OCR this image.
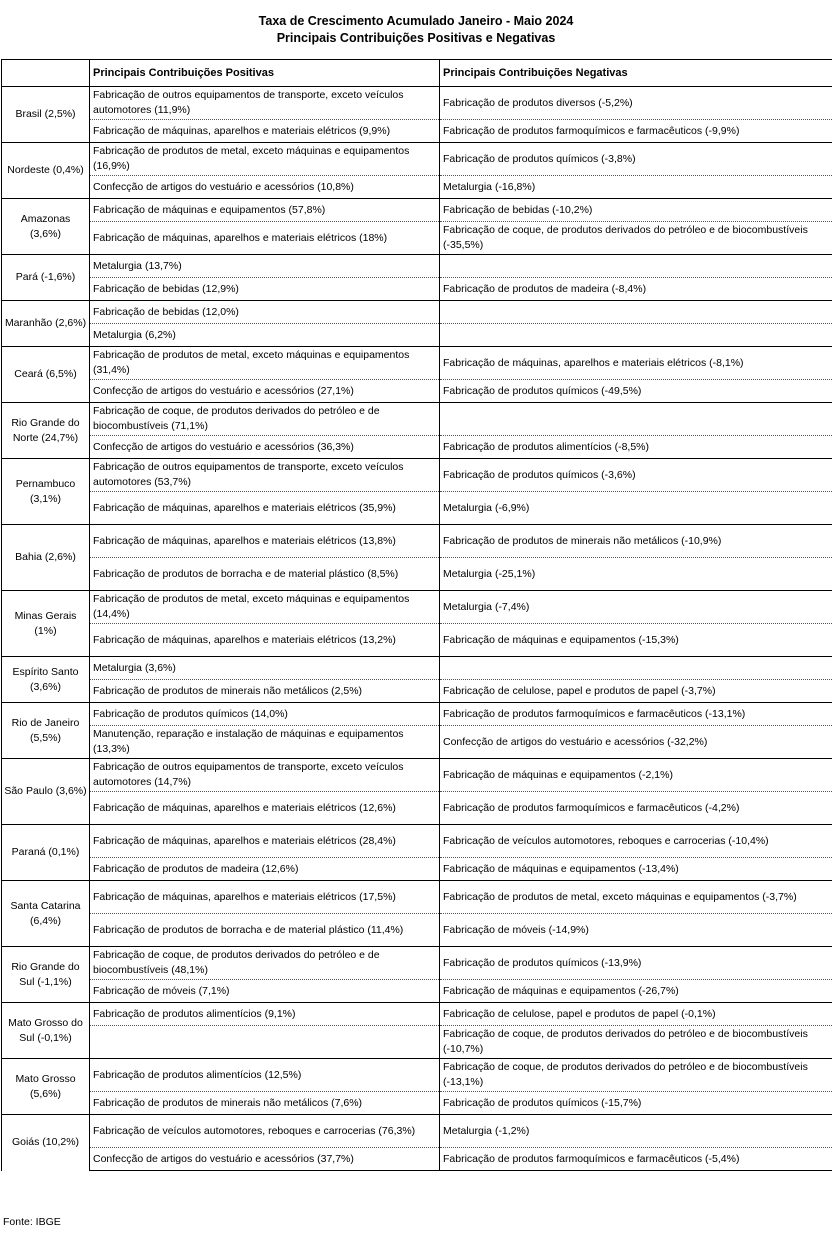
Taxa de Crescimento Acumulado Janeiro - Maio 2024
Principais Contribuições Positivas e Negativas
	Principais Contribuições Positivas	Principais Contribuições Negativas
Brasil (2,5%)	Fabricação de outros equipamentos de transporte, exceto veículos automotores (11,9%)	Fabricação de produtos diversos (-5,2%)
	Fabricação de máquinas, aparelhos e materiais elétricos (9,9%)	Fabricação de produtos farmoquímicos e farmacêuticos (-9,9%)
Nordeste (0,4%)	Fabricação de produtos de metal, exceto máquinas e equipamentos (16,9%)	Fabricação de produtos químicos (-3,8%)
	Confecção de artigos do vestuário e acessórios (10,8%)	Metalurgia (-16,8%)
Amazonas (3,6%)	Fabricação de máquinas e equipamentos (57,8%)	Fabricação de bebidas (-10,2%)
	Fabricação de máquinas, aparelhos e materiais elétricos (18%)	Fabricação de coque, de produtos derivados do petróleo e de biocombustíveis (-35,5%)
Pará (-1,6%)	Metalurgia (13,7%)	
	Fabricação de bebidas (12,9%)	Fabricação de produtos de madeira (-8,4%)
Maranhão (2,6%)	Fabricação de bebidas (12,0%)	
	Metalurgia (6,2%)	
Ceará (6,5%)	Fabricação de produtos de metal, exceto máquinas e equipamentos (31,4%)	Fabricação de máquinas, aparelhos e materiais elétricos (-8,1%)
	Confecção de artigos do vestuário e acessórios (27,1%)	Fabricação de produtos químicos (-49,5%)
Rio Grande do Norte (24,7%)	Fabricação de coque, de produtos derivados do petróleo e de biocombustíveis (71,1%)	
	Confecção de artigos do vestuário e acessórios (36,3%)	Fabricação de produtos alimentícios (-8,5%)
Pernambuco (3,1%)	Fabricação de outros equipamentos de transporte, exceto veículos automotores (53,7%)	Fabricação de produtos químicos (-3,6%)
	Fabricação de máquinas, aparelhos e materiais elétricos (35,9%)	Metalurgia (-6,9%)
Bahia (2,6%)	Fabricação de máquinas, aparelhos e materiais elétricos (13,8%)	Fabricação de produtos de minerais não metálicos (-10,9%)
	Fabricação de produtos de borracha e de material plástico (8,5%)	Metalurgia (-25,1%)
Minas Gerais (1%)	Fabricação de produtos de metal, exceto máquinas e equipamentos (14,4%)	Metalurgia (-7,4%)
	Fabricação de máquinas, aparelhos e materiais elétricos (13,2%)	Fabricação de máquinas e equipamentos (-15,3%)
Espírito Santo (3,6%)	Metalurgia (3,6%)	
	Fabricação de produtos de minerais não metálicos (2,5%)	Fabricação de celulose, papel e produtos de papel (-3,7%)
Rio de Janeiro (5,5%)	Fabricação de produtos químicos (14,0%)	Fabricação de produtos farmoquímicos e farmacêuticos (-13,1%)
	Manutenção, reparação e instalação de máquinas e equipamentos (13,3%)	Confecção de artigos do vestuário e acessórios (-32,2%)
São Paulo (3,6%)	Fabricação de outros equipamentos de transporte, exceto veículos automotores (14,7%)	Fabricação de máquinas e equipamentos (-2,1%)
	Fabricação de máquinas, aparelhos e materiais elétricos (12,6%)	Fabricação de produtos farmoquímicos e farmacêuticos (-4,2%)
Paraná (0,1%)	Fabricação de máquinas, aparelhos e materiais elétricos (28,4%)	Fabricação de veículos automotores, reboques e carrocerias (-10,4%)
	Fabricação de produtos de madeira (12,6%)	Fabricação de máquinas e equipamentos (-13,4%)
Santa Catarina (6,4%)	Fabricação de máquinas, aparelhos e materiais elétricos (17,5%)	Fabricação de produtos de metal, exceto máquinas e equipamentos (-3,7%)
	Fabricação de produtos de borracha e de material plástico (11,4%)	Fabricação de móveis (-14,9%)
Rio Grande do Sul (-1,1%)	Fabricação de coque, de produtos derivados do petróleo e de biocombustíveis (48,1%)	Fabricação de produtos químicos (-13,9%)
	Fabricação de móveis (7,1%)	Fabricação de máquinas e equipamentos (-26,7%)
Mato Grosso do Sul (-0,1%)	Fabricação de produtos alimentícios (9,1%)	Fabricação de celulose, papel e produtos de papel (-0,1%)
		Fabricação de coque, de produtos derivados do petróleo e de biocombustíveis (-10,7%)
Mato Grosso (5,6%)	Fabricação de produtos alimentícios (12,5%)	Fabricação de coque, de produtos derivados do petróleo e de biocombustíveis (-13,1%)
	Fabricação de produtos de minerais não metálicos (7,6%)	Fabricação de produtos químicos (-15,7%)
Goiás (10,2%)	Fabricação de veículos automotores, reboques e carrocerias (76,3%)	Metalurgia (-1,2%)
	Confecção de artigos do vestuário e acessórios (37,7%)	Fabricação de produtos farmoquímicos e farmacêuticos (-5,4%)
Fonte: IBGE
